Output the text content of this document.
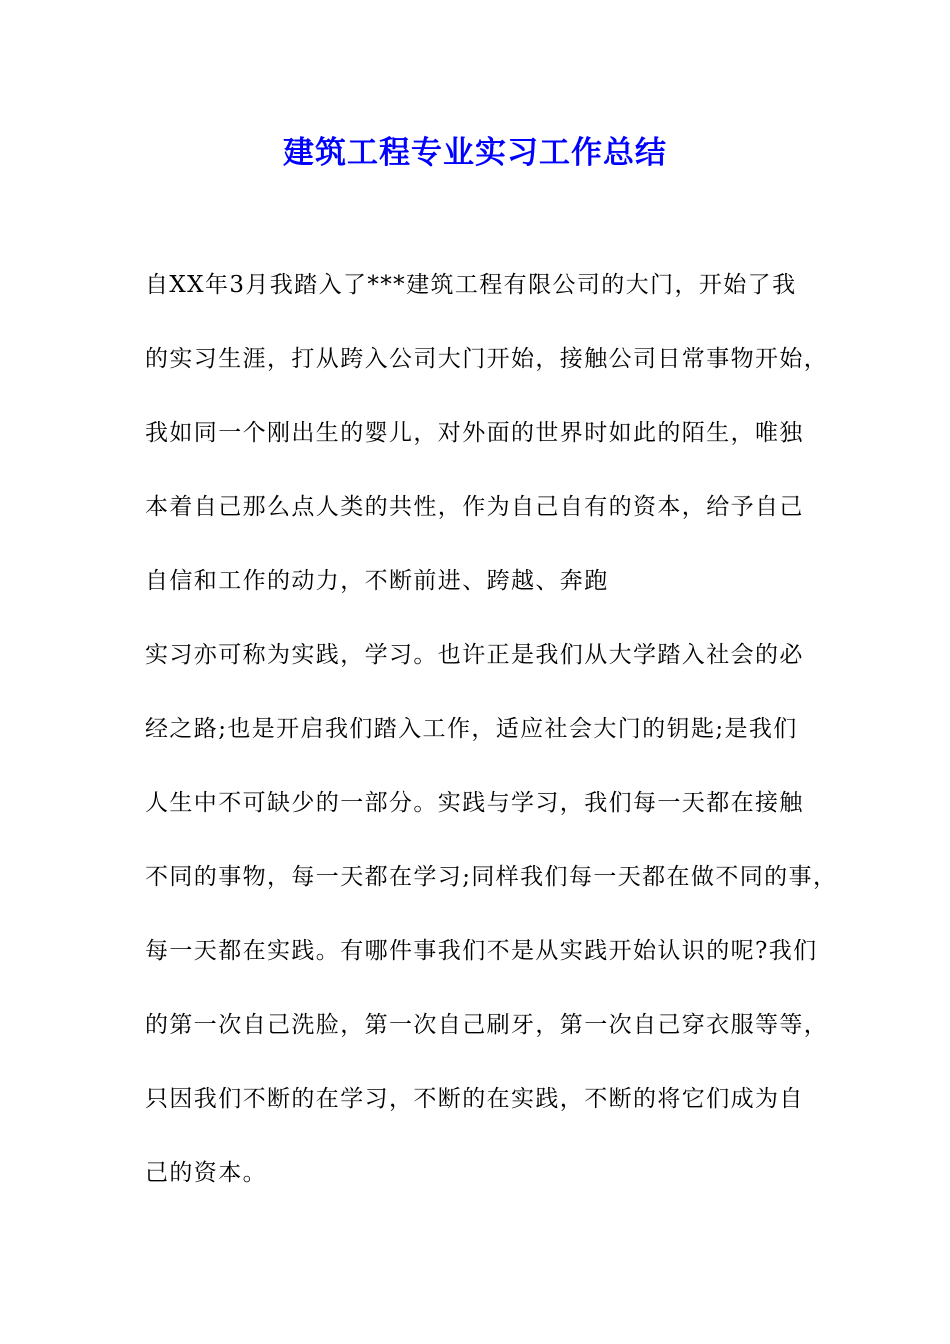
建筑工程专业实习工作总结
自XX年3月我踏入了***建筑工程有限公司的大门，开始了我
的实习生涯，打从跨入公司大门开始，接触公司日常事物开始，
我如同一个刚出生的婴儿，对外面的世界时如此的陌生，唯独
本着自己那么点人类的共性，作为自己自有的资本，给予自己
自信和工作的动力，不断前进、跨越、奔跑
实习亦可称为实践，学习。也许正是我们从大学踏入社会的必
经之路;也是开启我们踏入工作，适应社会大门的钥匙;是我们
人生中不可缺少的一部分。实践与学习，我们每一天都在接触
不同的事物，每一天都在学习;同样我们每一天都在做不同的事，
每一天都在实践。有哪件事我们不是从实践开始认识的呢?我们
的第一次自己洗脸，第一次自己刷牙，第一次自己穿衣服等等，
只因我们不断的在学习，不断的在实践，不断的将它们成为自
己的资本。
